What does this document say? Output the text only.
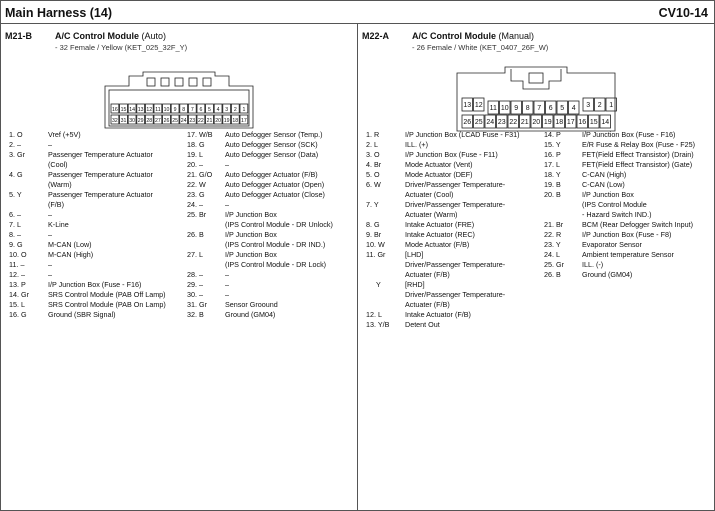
Main Harness (14)	CV10-14
M21-B	A/C Control Module (Auto)
- 32 Female / Yellow (KET_025_32F_Y)
16 15 14 13 12 11 10 9 8 7 6 5 4 3 2 1
32 31 30 29 28 27 26 25 24 23 22 21 20 19 18 17
1. O	Vref (+5V)
2. –	–
3. Gr	Passenger Temperature Actuator
(Cool)
4. G	Passenger Temperature Actuator
(Warm)
5. Y	Passenger Temperature Actuator
(F/B)
6. –	–
7. L	K-Line
8. –	–
9. G	M-CAN (Low)
10. O	M-CAN (High)
11. –	–
12. –	–
13. P	I/P Junction Box (Fuse - F16)
14. Gr	SRS Control Module (PAB Off Lamp)
15. L	SRS Control Module (PAB On Lamp)
16. G	Ground (SBR Signal)
17. W/B Auto Defogger Sensor (Temp.)
18. G	Auto Defogger Sensor (SCK)
19. L	Auto Defogger Sensor (Data)
20. –	–
21. G/O Auto Defogger Actuator (F/B)
22. W	Auto Defogger Actuator (Open)
23. G	Auto Defogger Actuator (Close)
24. –	–
25. Br	I/P Junction Box
(IPS Control Module - DR Unlock)
26. B	I/P Junction Box
(IPS Control Module - DR IND.)
27. L	I/P Junction Box
(IPS Control Module - DR Lock)
28. –	–
29. –	–
30. –	–
31. Gr	Sensor Groound
32. B	Ground (GM04)
M22-A	A/C Control Module (Manual)
- 26 Female / White (KET_0407_26F_W)
13 12 11 10 9 8 7 6 5 4 3 2 1
26 25 24 23 22 21 20 19 18 17 16 15 14
1. R	I/P Junction Box (LCAD Fuse - F31)
2. L	ILL. (+)
3. O	I/P Junction Box (Fuse - F11)
4. Br	Mode Actuator (Vent)
5. O	Mode Actuator (DEF)
6. W	Driver/Passenger Temperature-
Actuater (Cool)
7. Y	Driver/Passenger Temperature-
Actuater (Warm)
8. G	Intake Actuator (FRE)
9. Br	Intake Actuator (REC)
10. W	Mode Actuator (F/B)
11. Gr	[LHD]
Driver/Passenger Temperature-
Actuater (F/B)
Y	[RHD]
Driver/Passenger Temperature-
Actuater (F/B)
12. L	Intake Actuator (F/B)
13. Y/B Detent Out
14. P	I/P Junction Box (Fuse - F16)
15. Y	E/R Fuse & Relay Box (Fuse - F25)
16. P	FET(Field Effect Transistor) (Drain)
17. L	FET(Field Effect Transistor) (Gate)
18. Y	C-CAN (High)
19. B	C-CAN (Low)
20. B	I/P Junction Box
(IPS Control Module
- Hazard Switch IND.)
21. Br	BCM (Rear Defogger Switch Input)
22. R	I/P Junction Box (Fuse - F8)
23. Y	Evaporator Sensor
24. L	Ambient temperature Sensor
25. Gr	ILL. (-)
26. B	Ground (GM04)
